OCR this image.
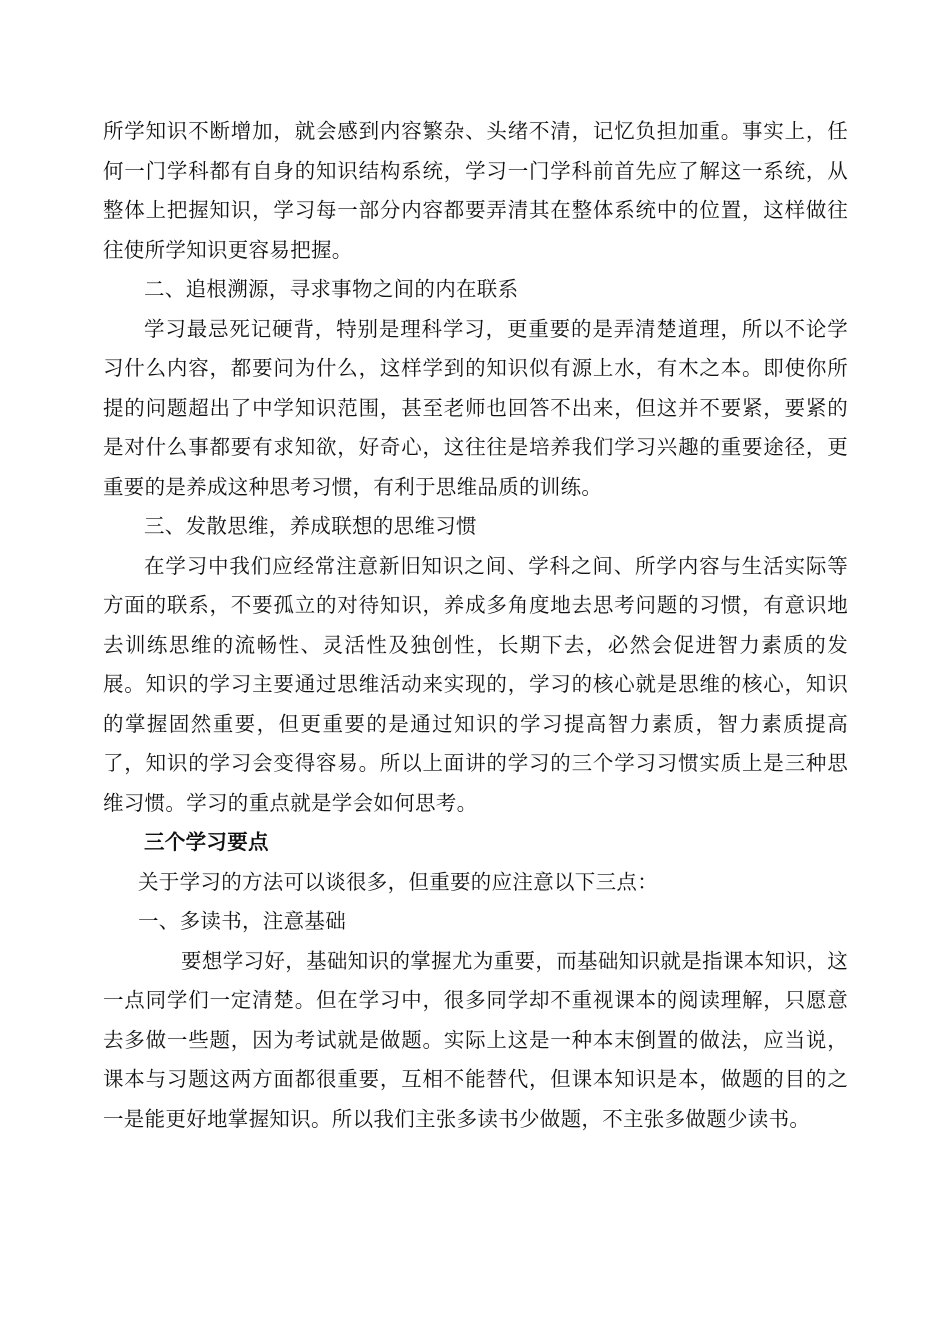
所学知识不断增加，就会感到内容繁杂、头绪不清，记忆负担加重。事实上，任何一门学科都有自身的知识结构系统，学习一门学科前首先应了解这一系统，从整体上把握知识，学习每一部分内容都要弄清其在整体系统中的位置，这样做往往使所学知识更容易把握。

二、追根溯源，寻求事物之间的内在联系

学习最忌死记硬背，特别是理科学习，更重要的是弄清楚道理，所以不论学习什么内容，都要问为什么，这样学到的知识似有源上水，有木之本。即使你所提的问题超出了中学知识范围，甚至老师也回答不出来，但这并不要紧，要紧的是对什么事都要有求知欲，好奇心，这往往是培养我们学习兴趣的重要途径，更重要的是养成这种思考习惯，有利于思维品质的训练。

三、发散思维，养成联想的思维习惯

在学习中我们应经常注意新旧知识之间、学科之间、所学内容与生活实际等方面的联系，不要孤立的对待知识，养成多角度地去思考问题的习惯，有意识地去训练思维的流畅性、灵活性及独创性，长期下去，必然会促进智力素质的发展。知识的学习主要通过思维活动来实现的，学习的核心就是思维的核心，知识的掌握固然重要，但更重要的是通过知识的学习提高智力素质，智力素质提高了，知识的学习会变得容易。所以上面讲的学习的三个学习习惯实质上是三种思维习惯。学习的重点就是学会如何思考。

三个学习要点

关于学习的方法可以谈很多，但重要的应注意以下三点：

一、多读书，注意基础

要想学习好，基础知识的掌握尤为重要，而基础知识就是指课本知识，这一点同学们一定清楚。但在学习中，很多同学却不重视课本的阅读理解，只愿意去多做一些题，因为考试就是做题。实际上这是一种本末倒置的做法，应当说，课本与习题这两方面都很重要，互相不能替代，但课本知识是本，做题的目的之一是能更好地掌握知识。所以我们主张多读书少做题，不主张多做题少读书。
